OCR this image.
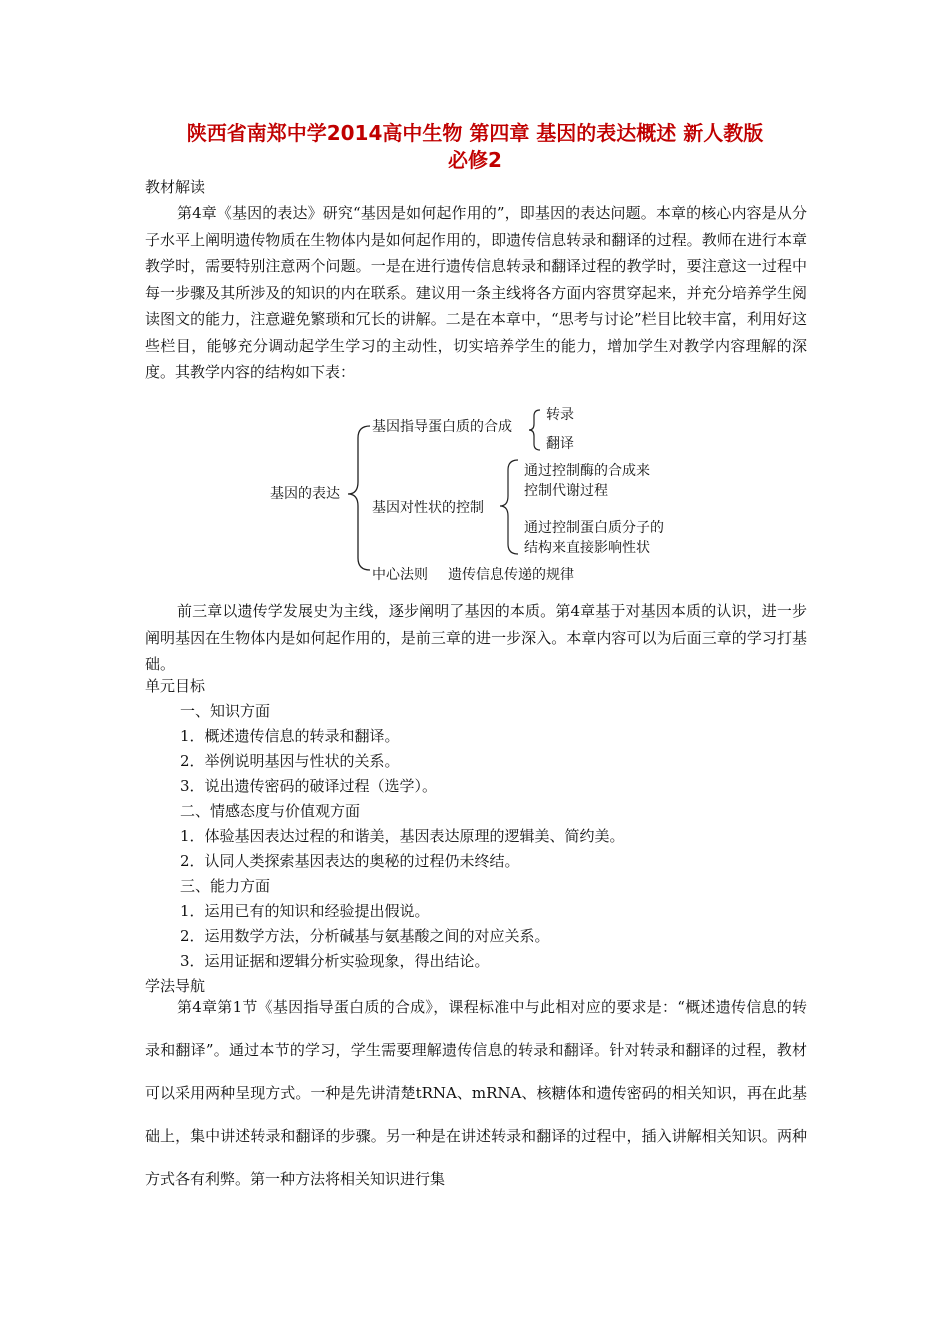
陕西省南郑中学2014高中生物 第四章 基因的表达概述 新人教版
必修2
教材解读
第4章《基因的表达》研究“基因是如何起作用的”，即基因的表达问题。本章的核心内容是从分子水平上阐明遗传物质在生物体内是如何起作用的，即遗传信息转录和翻译的过程。教师在进行本章教学时，需要特别注意两个问题。一是在进行遗传信息转录和翻译过程的教学时，要注意这一过程中每一步骤及其所涉及的知识的内在联系。建议用一条主线将各方面内容贯穿起来，并充分培养学生阅读图文的能力，注意避免繁琐和冗长的讲解。二是在本章中，“思考与讨论”栏目比较丰富，利用好这些栏目，能够充分调动起学生学习的主动性，切实培养学生的能力，增加学生对教学内容理解的深度。其教学内容的结构如下表：
基因的表达
基因指导蛋白质的合成
转录
翻译
基因对性状的控制
通过控制酶的合成来
控制代谢过程
通过控制蛋白质分子的
结构来直接影响性状
中心法则 遗传信息传递的规律
前三章以遗传学发展史为主线，逐步阐明了基因的本质。第4章基于对基因本质的认识，进一步阐明基因在生物体内是如何起作用的，是前三章的进一步深入。本章内容可以为后面三章的学习打基础。
单元目标
一、知识方面
1．概述遗传信息的转录和翻译。
2．举例说明基因与性状的关系。
3．说出遗传密码的破译过程（选学）。
二、情感态度与价值观方面
1．体验基因表达过程的和谐美，基因表达原理的逻辑美、简约美。
2．认同人类探索基因表达的奥秘的过程仍未终结。
三、能力方面
1．运用已有的知识和经验提出假说。
2．运用数学方法，分析碱基与氨基酸之间的对应关系。
3．运用证据和逻辑分析实验现象，得出结论。
学法导航
第4章第1节《基因指导蛋白质的合成》，课程标准中与此相对应的要求是：“概述遗传信息的转录和翻译”。通过本节的学习，学生需要理解遗传信息的转录和翻译。针对转录和翻译的过程，教材可以采用两种呈现方式。一种是先讲清楚tRNA、mRNA、核糖体和遗传密码的相关知识，再在此基础上，集中讲述转录和翻译的步骤。另一种是在讲述转录和翻译的过程中，插入讲解相关知识。两种方式各有利弊。第一种方法将相关知识进行集
